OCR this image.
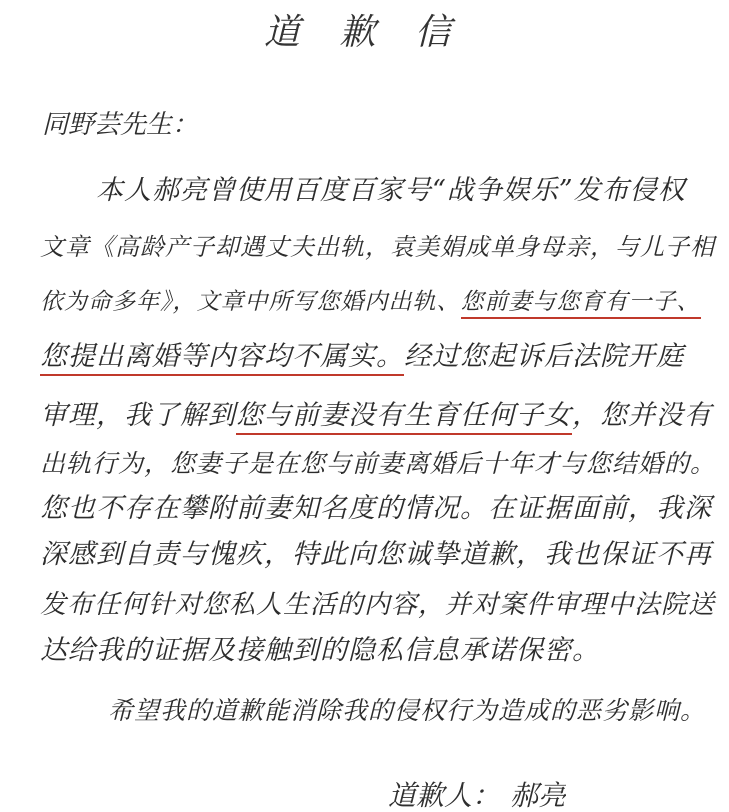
道 歉 信
同野芸先生：
本人郝亮曾使用百度百家号“战争娱乐”发布侵权
文章《高龄产子却遇丈夫出轨，袁美娟成单身母亲，与儿子相
依为命多年》，文章中所写您婚内出轨、您前妻与您育有一子、
您提出离婚等内容均不属实。经过您起诉后法院开庭
审理，我了解到您与前妻没有生育任何子女，您并没有
出轨行为，您妻子是在您与前妻离婚后十年才与您结婚的。
您也不存在攀附前妻知名度的情况。在证据面前，我深
深感到自责与愧疚，特此向您诚挚道歉，我也保证不再
发布任何针对您私人生活的内容，并对案件审理中法院送
达给我的证据及接触到的隐私信息承诺保密。
希望我的道歉能消除我的侵权行为造成的恶劣影响。
道歉人： 郝亮
